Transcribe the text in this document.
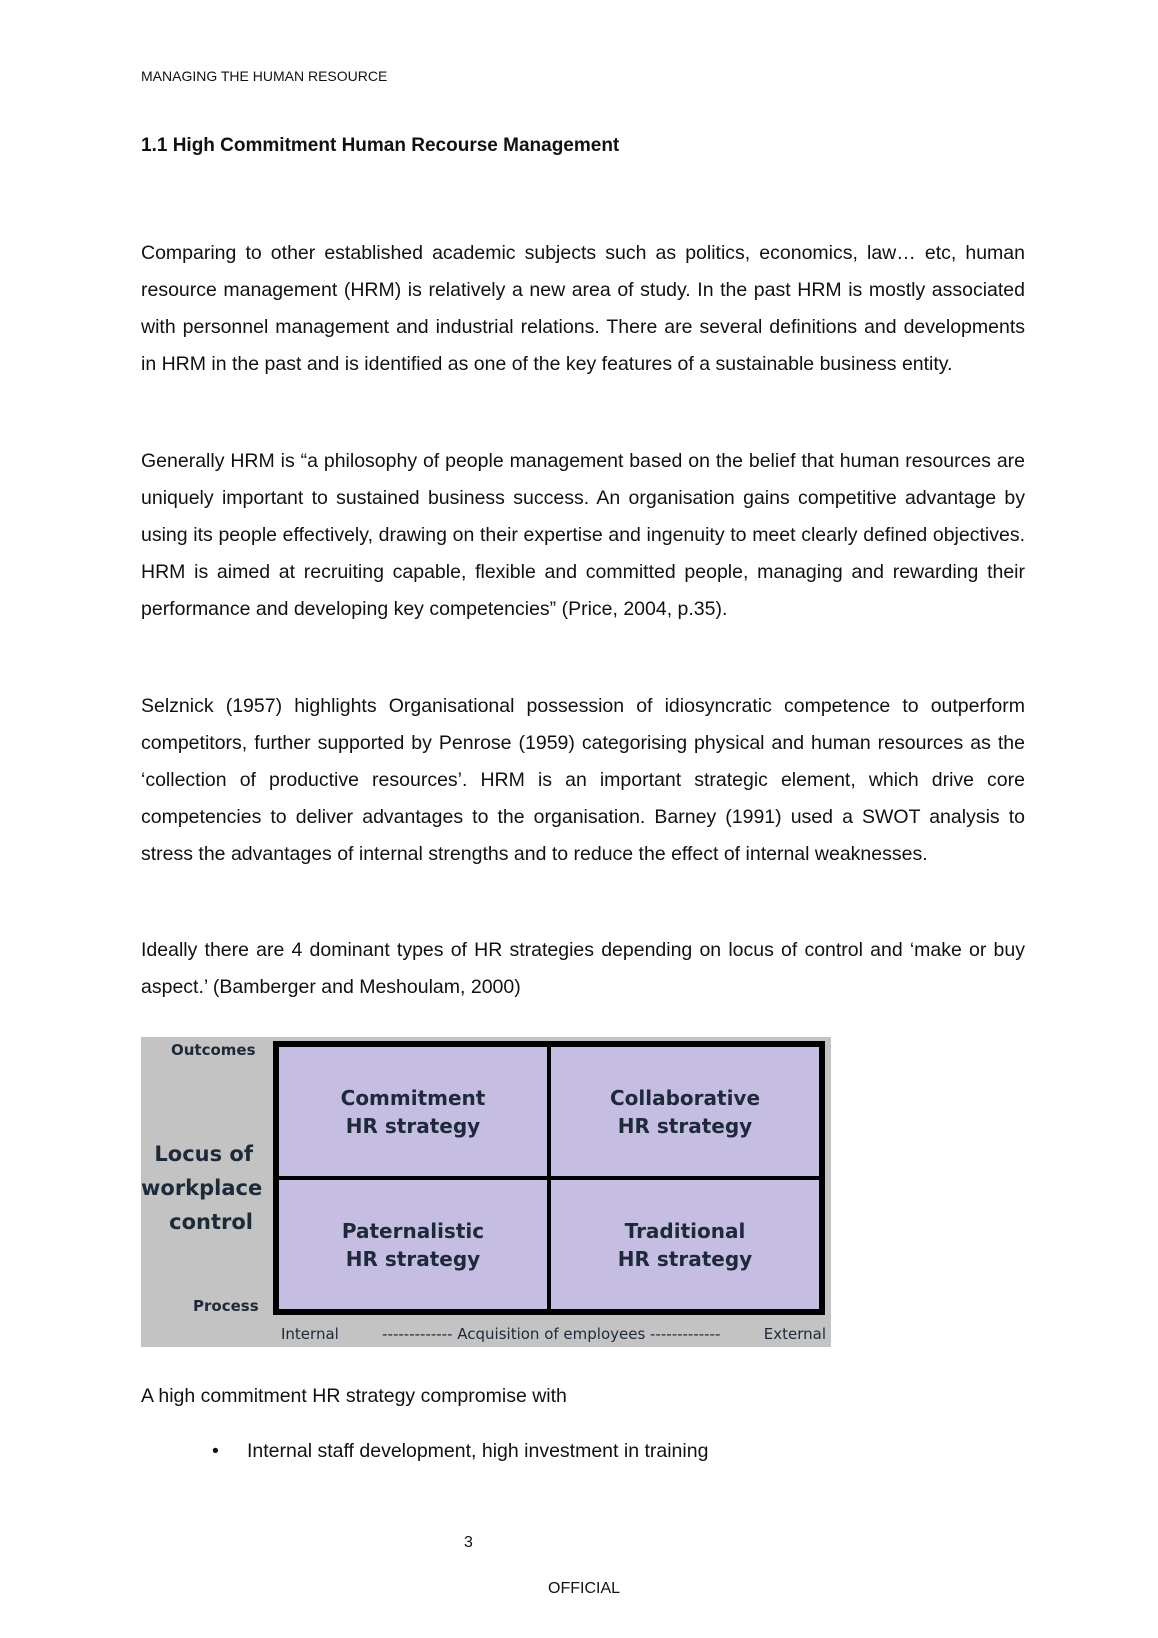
MANAGING THE HUMAN RESOURCE
1.1 High Commitment Human Recourse Management
Comparing to other established academic subjects such as politics, economics, law… etc, human resource management (HRM) is relatively a new area of study. In the past HRM is mostly associated with personnel management and industrial relations. There are several definitions and developments in HRM in the past and is identified as one of the key features of a sustainable business entity.
Generally HRM is “a philosophy of people management based on the belief that human resources are uniquely important to sustained business success. An organisation gains competitive advantage by using its people effectively, drawing on their expertise and ingenuity to meet clearly defined objectives. HRM is aimed at recruiting capable, flexible and committed people, managing and rewarding their performance and developing key competencies” (Price, 2004, p.35).
Selznick (1957) highlights Organisational possession of idiosyncratic competence to outperform competitors, further supported by Penrose (1959) categorising physical and human resources as the ‘collection of productive resources’. HRM is an important strategic element, which drive core competencies to deliver advantages to the organisation. Barney (1991) used a SWOT analysis to stress the advantages of internal strengths and to reduce the effect of internal weaknesses.
Ideally there are 4 dominant types of HR strategies depending on locus of control and ‘make or buy aspect.’ (Bamberger and Meshoulam, 2000)
Outcomes
Locus of
workplace
control
Process
Commitment
HR strategy
Collaborative
HR strategy
Paternalistic
HR strategy
Traditional
HR strategy
Internal	------------- Acquisition of employees -------------	External
A high commitment HR strategy compromise with
• Internal staff development, high investment in training
3
OFFICIAL
